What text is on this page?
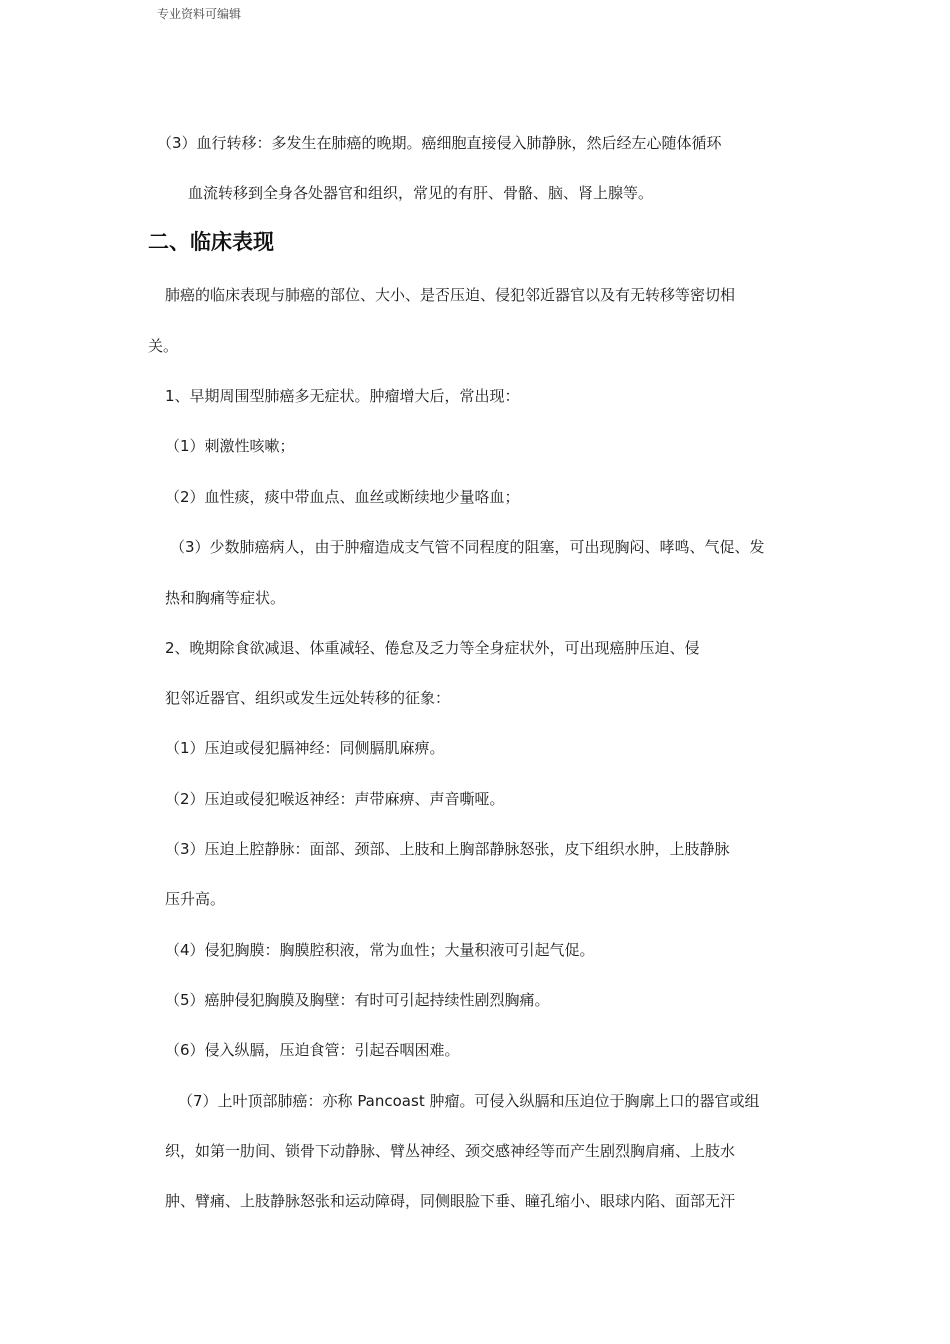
专业资料可编辑
（3）血行转移：多发生在肺癌的晚期。癌细胞直接侵入肺静脉，然后经左心随体循环
血流转移到全身各处器官和组织，常见的有肝、骨骼、脑、肾上腺等。
二、临床表现
肺癌的临床表现与肺癌的部位、大小、是否压迫、侵犯邻近器官以及有无转移等密切相
关。
1、早期周围型肺癌多无症状。肿瘤增大后，常出现：
（1）刺激性咳嗽；
（2）血性痰，痰中带血点、血丝或断续地少量咯血；
（3）少数肺癌病人，由于肿瘤造成支气管不同程度的阻塞，可出现胸闷、哮鸣、气促、发
热和胸痛等症状。
2、晚期除食欲减退、体重减轻、倦怠及乏力等全身症状外，可出现癌肿压迫、侵
犯邻近器官、组织或发生远处转移的征象：
（1）压迫或侵犯膈神经：同侧膈肌麻痹。
（2）压迫或侵犯喉返神经：声带麻痹、声音嘶哑。
（3）压迫上腔静脉：面部、颈部、上肢和上胸部静脉怒张，皮下组织水肿，上肢静脉
压升高。
（4）侵犯胸膜：胸膜腔积液，常为血性；大量积液可引起气促。
（5）癌肿侵犯胸膜及胸壁：有时可引起持续性剧烈胸痛。
（6）侵入纵膈，压迫食管：引起吞咽困难。
（7）上叶顶部肺癌：亦称 Pancoast 肿瘤。可侵入纵膈和压迫位于胸廓上口的器官或组
织，如第一肋间、锁骨下动静脉、臂丛神经、颈交感神经等而产生剧烈胸肩痛、上肢水
肿、臂痛、上肢静脉怒张和运动障碍，同侧眼脸下垂、瞳孔缩小、眼球内陷、面部无汗
